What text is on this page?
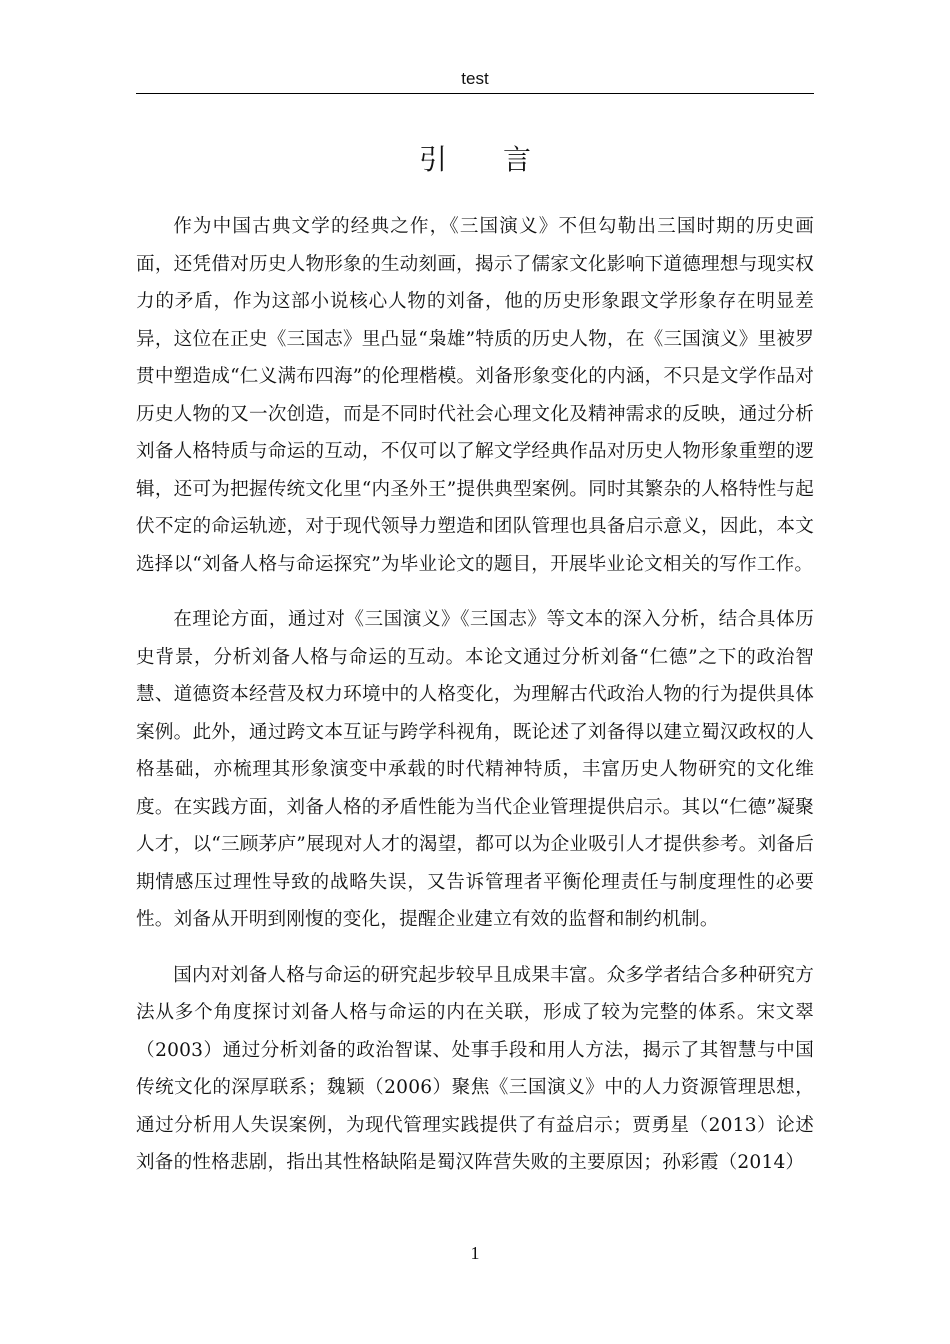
test
引言

作为中国古典文学的经典之作，《三国演义》不但勾勒出三国时期的历史画面，还凭借对历史人物形象的生动刻画，揭示了儒家文化影响下道德理想与现实权力的矛盾，作为这部小说核心人物的刘备，他的历史形象跟文学形象存在明显差异，这位在正史《三国志》里凸显“枭雄”特质的历史人物，在《三国演义》里被罗贯中塑造成“仁义满布四海”的伦理楷模。刘备形象变化的内涵，不只是文学作品对历史人物的又一次创造，而是不同时代社会心理文化及精神需求的反映，通过分析刘备人格特质与命运的互动，不仅可以了解文学经典作品对历史人物形象重塑的逻辑，还可为把握传统文化里“内圣外王”提供典型案例。同时其繁杂的人格特性与起伏不定的命运轨迹，对于现代领导力塑造和团队管理也具备启示意义，因此，本文选择以“刘备人格与命运探究”为毕业论文的题目，开展毕业论文相关的写作工作。

在理论方面，通过对《三国演义》《三国志》等文本的深入分析，结合具体历史背景，分析刘备人格与命运的互动。本论文通过分析刘备“仁德”之下的政治智慧、道德资本经营及权力环境中的人格变化，为理解古代政治人物的行为提供具体案例。此外，通过跨文本互证与跨学科视角，既论述了刘备得以建立蜀汉政权的人格基础，亦梳理其形象演变中承载的时代精神特质，丰富历史人物研究的文化维度。在实践方面，刘备人格的矛盾性能为当代企业管理提供启示。其以“仁德”凝聚人才，以“三顾茅庐”展现对人才的渴望，都可以为企业吸引人才提供参考。刘备后期情感压过理性导致的战略失误，又告诉管理者平衡伦理责任与制度理性的必要性。刘备从开明到刚愎的变化，提醒企业建立有效的监督和制约机制。

国内对刘备人格与命运的研究起步较早且成果丰富。众多学者结合多种研究方法从多个角度探讨刘备人格与命运的内在关联，形成了较为完整的体系。宋文翠（2003）通过分析刘备的政治智谋、处事手段和用人方法，揭示了其智慧与中国传统文化的深厚联系；魏颖（2006）聚焦《三国演义》中的人力资源管理思想，通过分析用人失误案例，为现代管理实践提供了有益启示；贾勇星（2013）论述刘备的性格悲剧，指出其性格缺陷是蜀汉阵营失败的主要原因；孙彩霞（2014）

1
